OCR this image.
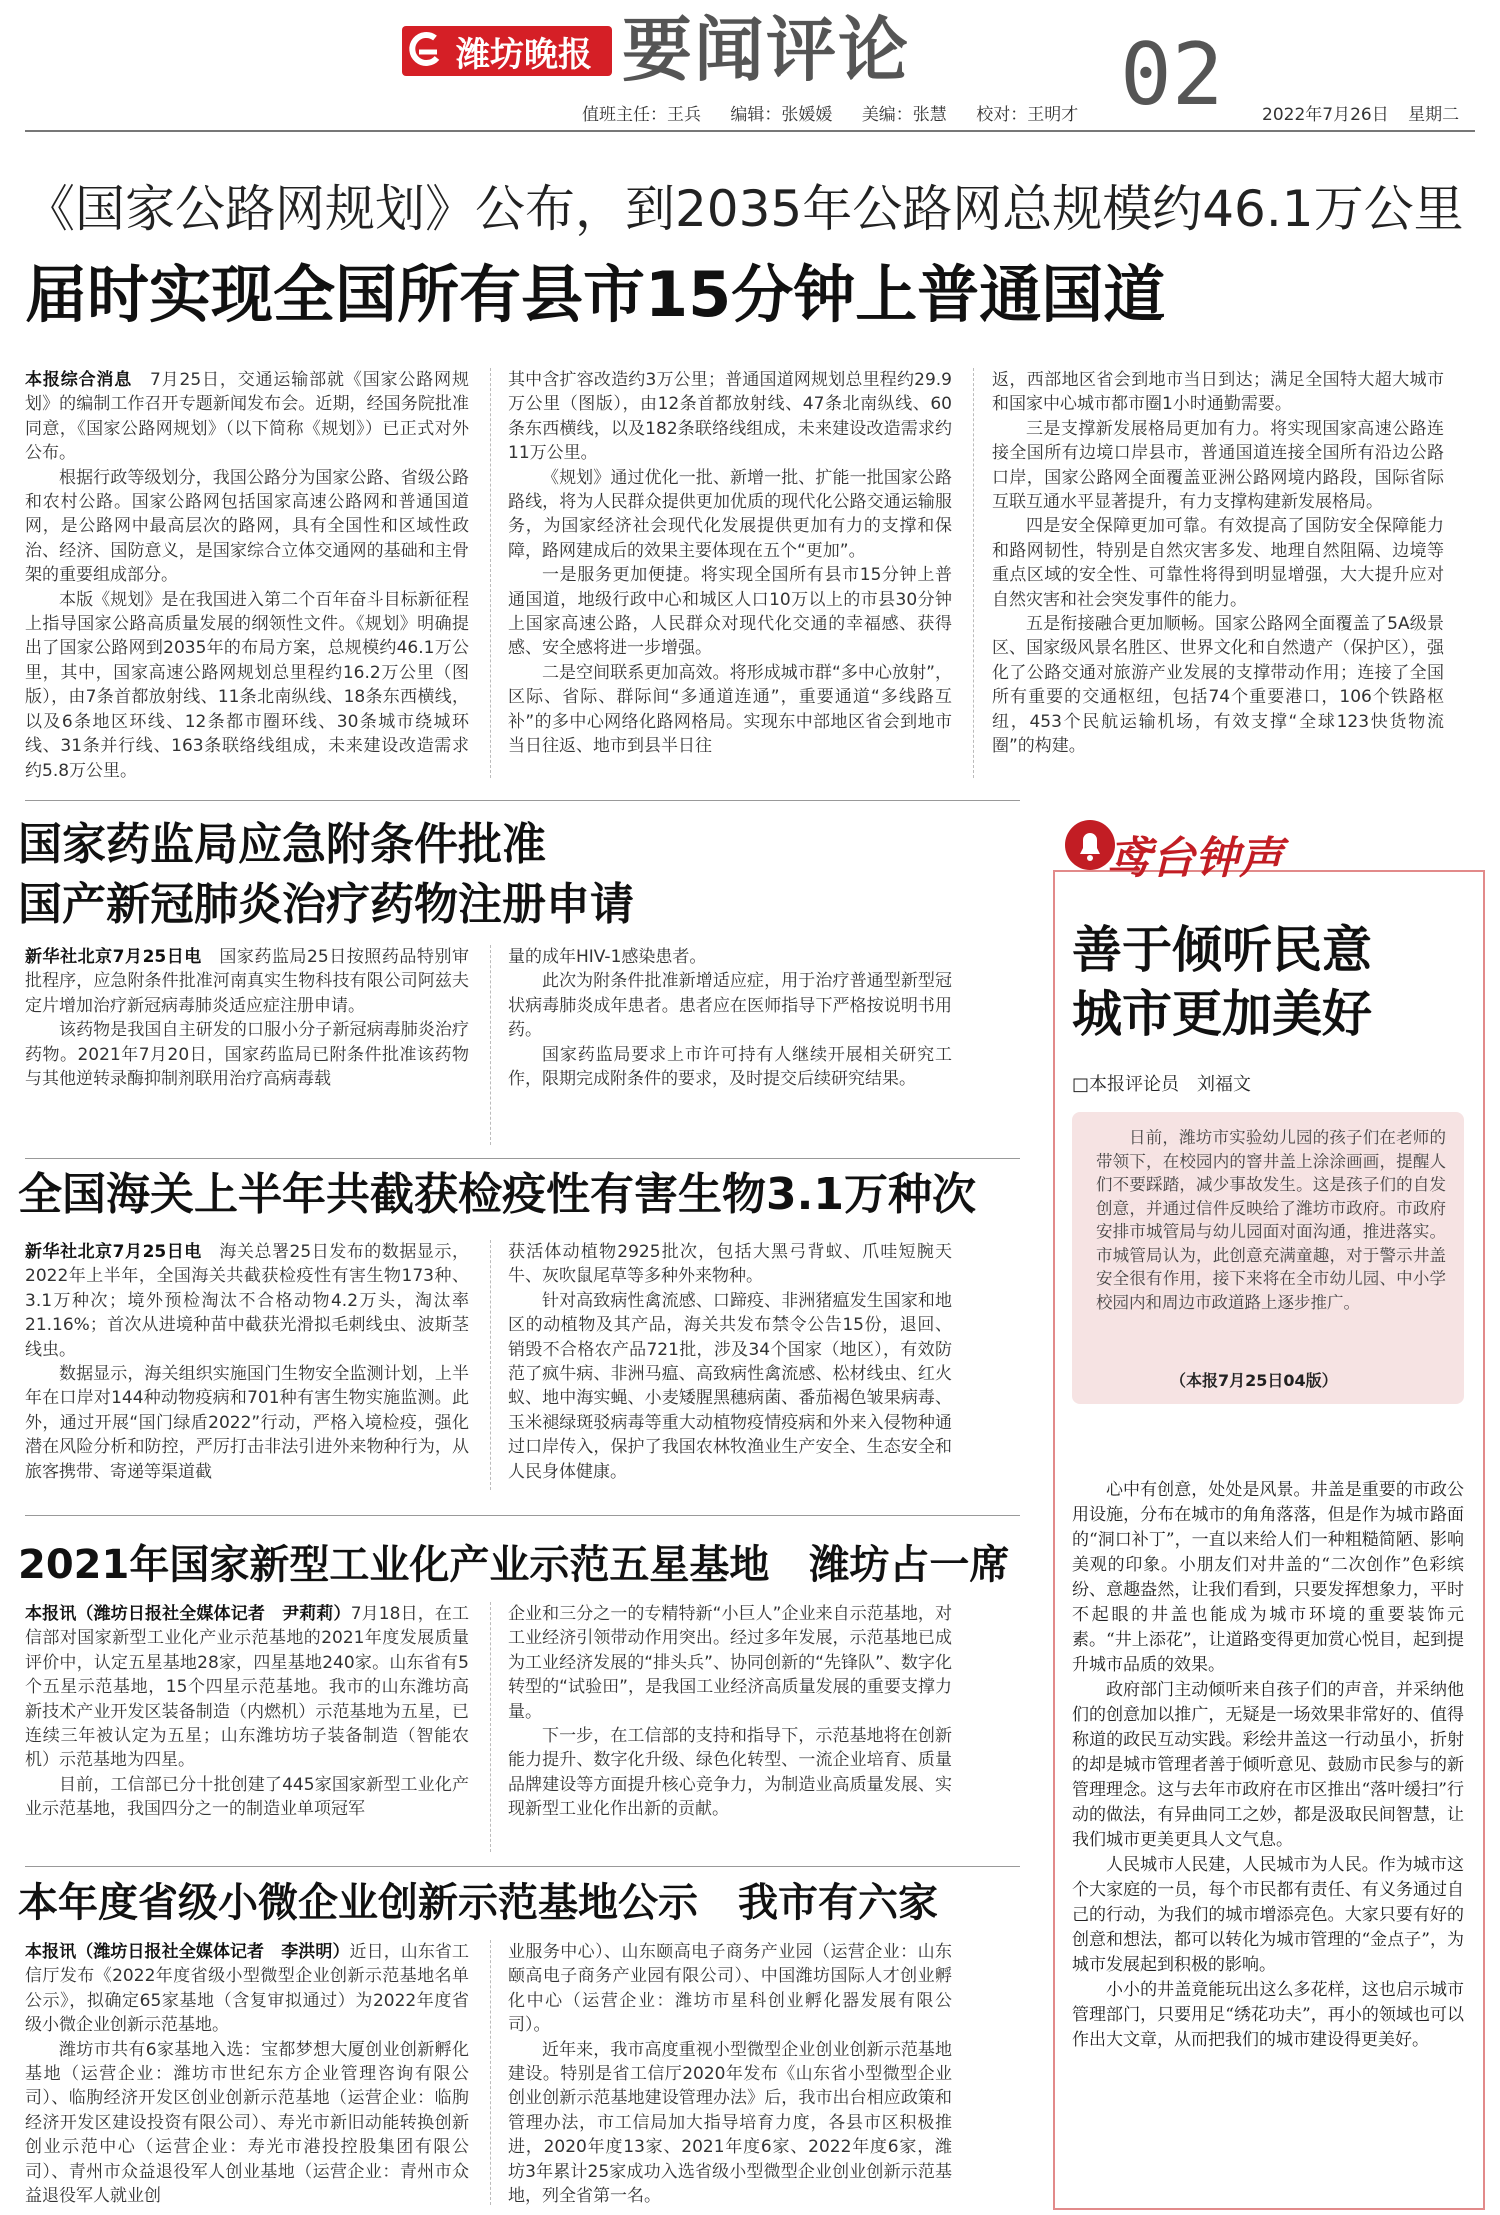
潍坊晚报 要闻评论 02
值班主任：王兵 编辑：张媛媛 美编：张慧 校对：王明才	2022年7月26日 星期二
《国家公路网规划》公布，到2035年公路网总规模约46.1万公里
届时实现全国所有县市15分钟上普通国道

本报综合消息　7月25日，交通运输部就《国家公路网规划》的编制工作召开专题新闻发布会。近期，经国务院批准同意，《国家公路网规划》（以下简称《规划》）已正式对外公布。

根据行政等级划分，我国公路分为国家公路、省级公路和农村公路。国家公路网包括国家高速公路网和普通国道网，是公路网中最高层次的路网，具有全国性和区域性政治、经济、国防意义，是国家综合立体交通网的基础和主骨架的重要组成部分。

本版《规划》是在我国进入第二个百年奋斗目标新征程上指导国家公路高质量发展的纲领性文件。《规划》明确提出了国家公路网到2035年的布局方案，总规模约46.1万公里，其中，国家高速公路网规划总里程约16.2万公里（图版），由7条首都放射线、11条北南纵线、18条东西横线，以及6条地区环线、12条都市圈环线、30条城市绕城环线、31条并行线、163条联络线组成，未来建设改造需求约5.8万公里。

其中含扩容改造约3万公里；普通国道网规划总里程约29.9万公里（图版），由12条首都放射线、47条北南纵线、60条东西横线，以及182条联络线组成，未来建设改造需求约11万公里。

《规划》通过优化一批、新增一批、扩能一批国家公路路线，将为人民群众提供更加优质的现代化公路交通运输服务，为国家经济社会现代化发展提供更加有力的支撑和保障，路网建成后的效果主要体现在五个“更加”。

一是服务更加便捷。将实现全国所有县市15分钟上普通国道，地级行政中心和城区人口10万以上的市县30分钟上国家高速公路，人民群众对现代化交通的幸福感、获得感、安全感将进一步增强。

二是空间联系更加高效。将形成城市群“多中心放射”，区际、省际、群际间“多通道连通”，重要通道“多线路互补”的多中心网络化路网格局。实现东中部地区省会到地市当日往返、地市到县半日往

返，西部地区省会到地市当日到达；满足全国特大超大城市和国家中心城市都市圈1小时通勤需要。

三是支撑新发展格局更加有力。将实现国家高速公路连接全国所有边境口岸县市，普通国道连接全国所有沿边公路口岸，国家公路网全面覆盖亚洲公路网境内路段，国际省际互联互通水平显著提升，有力支撑构建新发展格局。

四是安全保障更加可靠。有效提高了国防安全保障能力和路网韧性，特别是自然灾害多发、地理自然阻隔、边境等重点区域的安全性、可靠性将得到明显增强，大大提升应对自然灾害和社会突发事件的能力。

五是衔接融合更加顺畅。国家公路网全面覆盖了5A级景区、国家级风景名胜区、世界文化和自然遗产（保护区），强化了公路交通对旅游产业发展的支撑带动作用；连接了全国所有重要的交通枢纽，包括74个重要港口，106个铁路枢纽，453个民航运输机场，有效支撑“全球123快货物流圈”的构建。

国家药监局应急附条件批准
国产新冠肺炎治疗药物注册申请

新华社北京7月25日电　国家药监局25日按照药品特别审批程序，应急附条件批准河南真实生物科技有限公司阿兹夫定片增加治疗新冠病毒肺炎适应症注册申请。

该药物是我国自主研发的口服小分子新冠病毒肺炎治疗药物。2021年7月20日，国家药监局已附条件批准该药物与其他逆转录酶抑制剂联用治疗高病毒载

量的成年HIV-1感染患者。

此次为附条件批准新增适应症，用于治疗普通型新型冠状病毒肺炎成年患者。患者应在医师指导下严格按说明书用药。

国家药监局要求上市许可持有人继续开展相关研究工作，限期完成附条件的要求，及时提交后续研究结果。

全国海关上半年共截获检疫性有害生物3.1万种次

新华社北京7月25日电　海关总署25日发布的数据显示，2022年上半年，全国海关共截获检疫性有害生物173种、3.1万种次；境外预检淘汰不合格动物4.2万头，淘汰率21.16%；首次从进境种苗中截获光滑拟毛刺线虫、波斯茎线虫。

数据显示，海关组织实施国门生物安全监测计划，上半年在口岸对144种动物疫病和701种有害生物实施监测。此外，通过开展“国门绿盾2022”行动，严格入境检疫，强化潜在风险分析和防控，严厉打击非法引进外来物种行为，从旅客携带、寄递等渠道截

获活体动植物2925批次，包括大黑弓背蚁、爪哇短腕天牛、灰吹鼠尾草等多种外来物种。

针对高致病性禽流感、口蹄疫、非洲猪瘟发生国家和地区的动植物及其产品，海关共发布禁令公告15份，退回、销毁不合格农产品721批，涉及34个国家（地区），有效防范了疯牛病、非洲马瘟、高致病性禽流感、松材线虫、红火蚁、地中海实蝇、小麦矮腥黑穗病菌、番茄褐色皱果病毒、玉米褪绿斑驳病毒等重大动植物疫情疫病和外来入侵物种通过口岸传入，保护了我国农林牧渔业生产安全、生态安全和人民身体健康。

2021年国家新型工业化产业示范五星基地　潍坊占一席

本报讯（潍坊日报社全媒体记者　尹莉莉）7月18日，在工信部对国家新型工业化产业示范基地的2021年度发展质量评价中，认定五星基地28家，四星基地240家。山东省有5个五星示范基地，15个四星示范基地。我市的山东潍坊高新技术产业开发区装备制造（内燃机）示范基地为五星，已连续三年被认定为五星；山东潍坊坊子装备制造（智能农机）示范基地为四星。

目前，工信部已分十批创建了445家国家新型工业化产业示范基地，我国四分之一的制造业单项冠军

企业和三分之一的专精特新“小巨人”企业来自示范基地，对工业经济引领带动作用突出。经过多年发展，示范基地已成为工业经济发展的“排头兵”、协同创新的“先锋队”、数字化转型的“试验田”，是我国工业经济高质量发展的重要支撑力量。

下一步，在工信部的支持和指导下，示范基地将在创新能力提升、数字化升级、绿色化转型、一流企业培育、质量品牌建设等方面提升核心竞争力，为制造业高质量发展、实现新型工业化作出新的贡献。

本年度省级小微企业创新示范基地公示　我市有六家

本报讯（潍坊日报社全媒体记者　李洪明）近日，山东省工信厅发布《2022年度省级小型微型企业创新示范基地名单公示》，拟确定65家基地（含复审拟通过）为2022年度省级小微企业创新示范基地。

潍坊市共有6家基地入选：宝都梦想大厦创业创新孵化基地（运营企业：潍坊市世纪东方企业管理咨询有限公司）、临朐经济开发区创业创新示范基地（运营企业：临朐经济开发区建设投资有限公司）、寿光市新旧动能转换创新创业示范中心（运营企业：寿光市港投控股集团有限公司）、青州市众益退役军人创业基地（运营企业：青州市众益退役军人就业创

业服务中心）、山东颐高电子商务产业园（运营企业：山东颐高电子商务产业园有限公司）、中国潍坊国际人才创业孵化中心（运营企业：潍坊市星科创业孵化器发展有限公司）。

近年来，我市高度重视小型微型企业创业创新示范基地建设。特别是省工信厅2020年发布《山东省小型微型企业创业创新示范基地建设管理办法》后，我市出台相应政策和管理办法，市工信局加大指导培育力度，各县市区积极推进，2020年度13家、2021年度6家、2022年度6家，潍坊3年累计25家成功入选省级小型微型企业创业创新示范基地，列全省第一名。

鸢台钟声
善于倾听民意
城市更加美好
□本报评论员　刘福文

日前，潍坊市实验幼儿园的孩子们在老师的带领下，在校园内的窨井盖上涂涂画画，提醒人们不要踩踏，减少事故发生。这是孩子们的自发创意，并通过信件反映给了潍坊市政府。市政府安排市城管局与幼儿园面对面沟通，推进落实。市城管局认为，此创意充满童趣，对于警示井盖安全很有作用，接下来将在全市幼儿园、中小学校园内和周边市政道路上逐步推广。

（本报7月25日04版）

心中有创意，处处是风景。井盖是重要的市政公用设施，分布在城市的角角落落，但是作为城市路面的“洞口补丁”，一直以来给人们一种粗糙简陋、影响美观的印象。小朋友们对井盖的“二次创作”色彩缤纷、意趣盎然，让我们看到，只要发挥想象力，平时不起眼的井盖也能成为城市环境的重要装饰元素。“井上添花”，让道路变得更加赏心悦目，起到提升城市品质的效果。

政府部门主动倾听来自孩子们的声音，并采纳他们的创意加以推广，无疑是一场效果非常好的、值得称道的政民互动实践。彩绘井盖这一行动虽小，折射的却是城市管理者善于倾听意见、鼓励市民参与的新管理理念。这与去年市政府在市区推出“落叶缓扫”行动的做法，有异曲同工之妙，都是汲取民间智慧，让我们城市更美更具人文气息。

人民城市人民建，人民城市为人民。作为城市这个大家庭的一员，每个市民都有责任、有义务通过自己的行动，为我们的城市增添亮色。大家只要有好的创意和想法，都可以转化为城市管理的“金点子”，为城市发展起到积极的影响。

小小的井盖竟能玩出这么多花样，这也启示城市管理部门，只要用足“绣花功夫”，再小的领域也可以作出大文章，从而把我们的城市建设得更美好。
